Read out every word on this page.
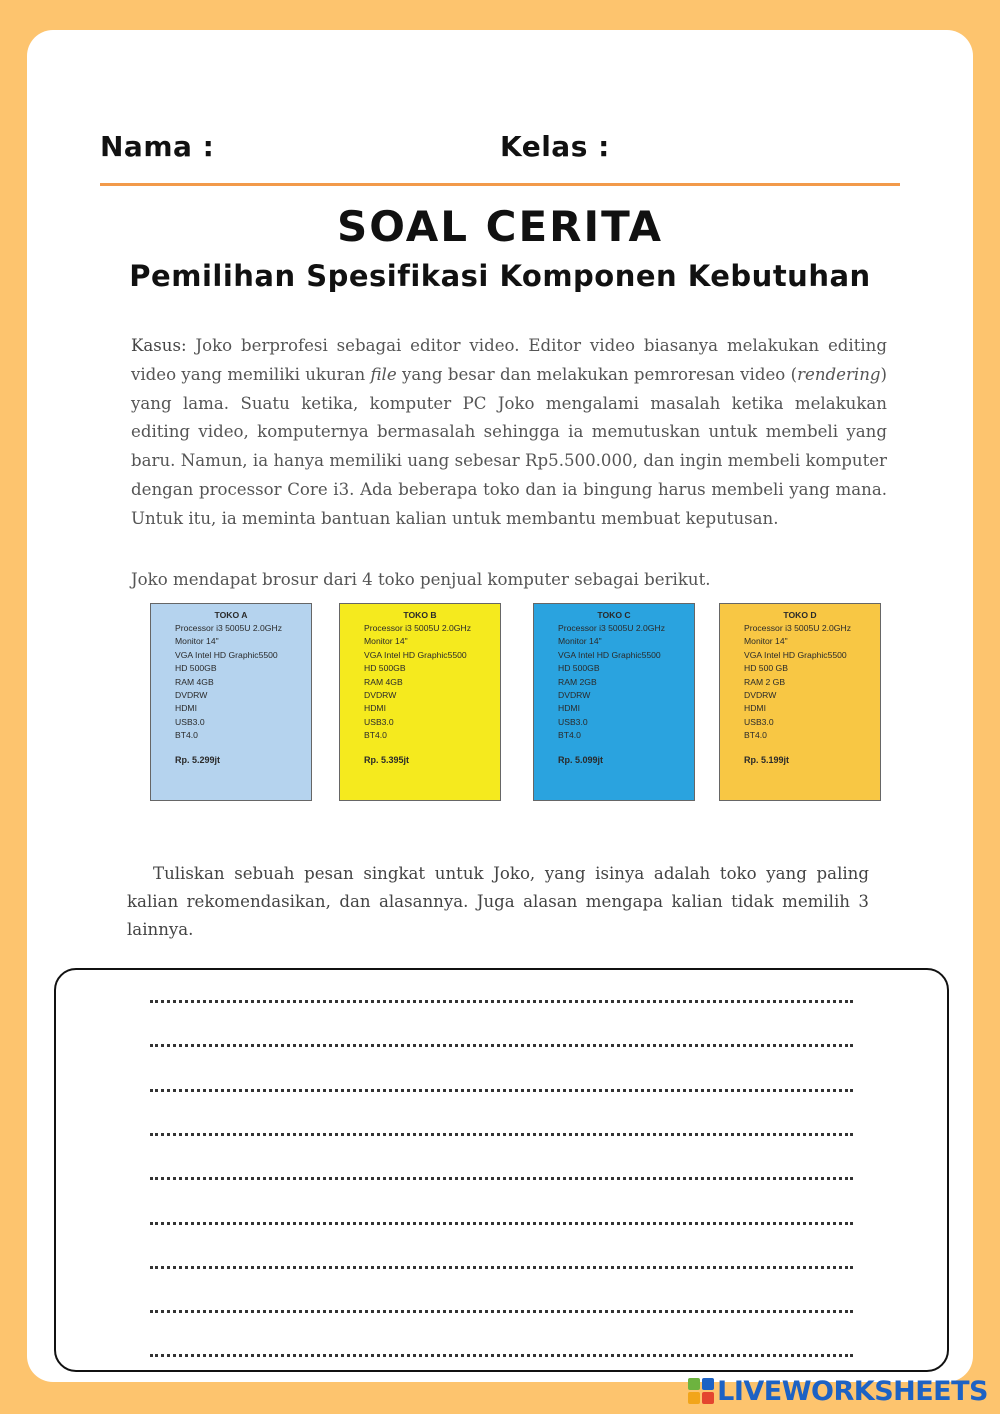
Nama :	Kelas :
SOAL CERITA
Pemilihan Spesifikasi Komponen Kebutuhan
Kasus: Joko berprofesi sebagai editor video. Editor video biasanya melakukan editing video yang memiliki ukuran file yang besar dan melakukan pemroresan video (rendering) yang lama. Suatu ketika, komputer PC Joko mengalami masalah ketika melakukan editing video, komputernya bermasalah sehingga ia memutuskan untuk membeli yang baru. Namun, ia hanya memiliki uang sebesar Rp5.500.000, dan ingin membeli komputer dengan processor Core i3. Ada beberapa toko dan ia bingung harus membeli yang mana. Untuk itu, ia meminta bantuan kalian untuk membantu membuat keputusan.
Joko mendapat brosur dari 4 toko penjual komputer sebagai berikut.
TOKO A
Processor i3 5005U 2.0GHz
Monitor 14"
VGA Intel HD Graphic5500
HD 500GB
RAM 4GB
DVDRW
HDMI
USB3.0
BT4.0
Rp. 5.299jt
TOKO B
Processor i3 5005U 2.0GHz
Monitor 14"
VGA Intel HD Graphic5500
HD 500GB
RAM 4GB
DVDRW
HDMI
USB3.0
BT4.0
Rp. 5.395jt
TOKO C
Processor i3 5005U 2.0GHz
Monitor 14"
VGA Intel HD Graphic5500
HD 500GB
RAM 2GB
DVDRW
HDMI
USB3.0
BT4.0
Rp. 5.099jt
TOKO D
Processor i3 5005U 2.0GHz
Monitor 14"
VGA Intel HD Graphic5500
HD 500 GB
RAM 2 GB
DVDRW
HDMI
USB3.0
BT4.0
Rp. 5.199jt
Tuliskan sebuah pesan singkat untuk Joko, yang isinya adalah toko yang paling kalian rekomendasikan, dan alasannya. Juga alasan mengapa kalian tidak memilih 3 lainnya.
LIVEWORKSHEETS
